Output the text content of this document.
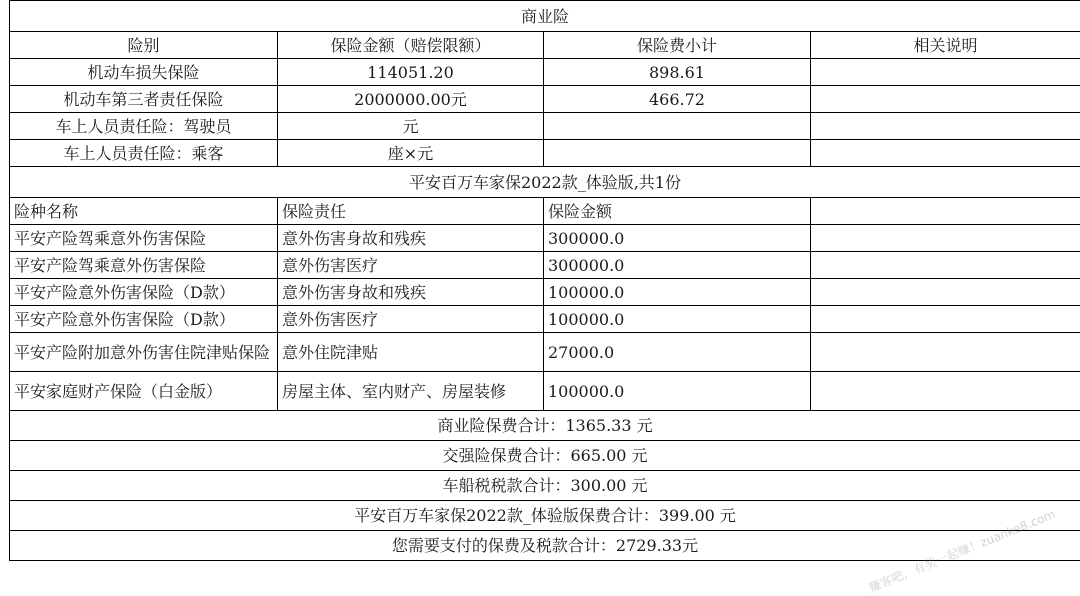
商业险			
险别	保险金额（赔偿限额）	保险费小计	相关说明
机动车损失保险	114051.20	898.61	
机动车第三者责任保险	2000000.00元	466.72	
车上人员责任险：驾驶员	元		
车上人员责任险：乘客	座×元		
平安百万车家保2022款_体验版,共1份			
险种名称	保险责任	保险金额	
平安产险驾乘意外伤害保险	意外伤害身故和残疾	300000.0	
平安产险驾乘意外伤害保险	意外伤害医疗	300000.0	
平安产险意外伤害保险（D款）	意外伤害身故和残疾	100000.0	
平安产险意外伤害保险（D款）	意外伤害医疗	100000.0	
平安产险附加意外伤害住院津贴保险	意外住院津贴	27000.0	
平安家庭财产保险（白金版）	房屋主体、室内财产、房屋装修	100000.0	
商业险保费合计：1365.33 元			
交强险保费合计：665.00 元			
车船税税款合计：300.00 元			
平安百万车家保2022款_体验版保费合计：399.00 元			
您需要支付的保费及税款合计：2729.33元				赚客吧，有奖一起赚！zuanke8.com
